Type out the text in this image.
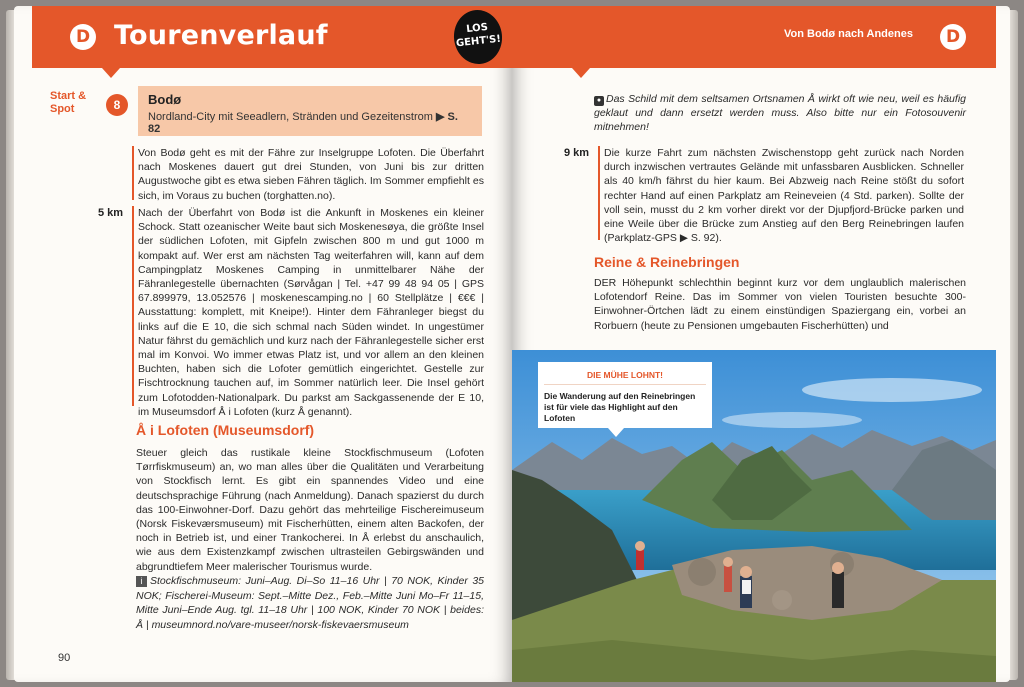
D Tourenverlauf	LOS
GEHT'S!
Start &
Spot	8	Bodø
Nordland-City mit Seeadlern, Stränden und Gezeitenstrom ▶ S. 82
Von Bodø geht es mit der Fähre zur Inselgruppe Lofoten. Die Überfahrt nach Moskenes dauert gut drei Stunden, von Juni bis zur dritten Augustwoche gibt es etwa sieben Fähren täglich. Im Sommer empfiehlt es sich, im Voraus zu buchen (torghatten.no).
5 km Nach der Überfahrt von Bodø ist die Ankunft in Moskenes ein kleiner Schock. Statt ozeanischer Weite baut sich Moskenesøya, die größte Insel der südlichen Lofoten, mit Gipfeln zwischen 800 m und gut 1000 m kompakt auf. Wer erst am nächsten Tag weiterfahren will, kann auf dem Campingplatz Moskenes Camping in unmittelbarer Nähe der Fähranlegestelle übernachten (Sørvågan | Tel. +47 99 48 94 05 | GPS 67.899979, 13.052576 | moskenescamping.no | 60 Stellplätze | €€€ | Ausstattung: komplett, mit Kneipe!). Hinter dem Fähranleger biegst du links auf die E 10, die sich schmal nach Süden windet. In ungestümer Natur fährst du gemächlich und kurz nach der Fähranlegestelle sicher erst mal im Konvoi. Wo immer etwas Platz ist, und vor allem an den kleinen Buchten, haben sich die Lofoter gemütlich eingerichtet. Gestelle zur Fischtrocknung tauchen auf, im Sommer natürlich leer. Die Insel gehört zum Lofotodden-Nationalpark. Du parkst am Sackgassenende der E 10, im Museumsdorf Å i Lofoten (kurz Å genannt).
Å i Lofoten (Museumsdorf)
Steuer gleich das rustikale kleine Stockfischmuseum (Lofoten Tørrfiskmuseum) an, wo man alles über die Qualitäten und Verarbeitung von Stockfisch lernt. Es gibt ein spannendes Video und eine deutschsprachige Führung (nach Anmeldung). Danach spazierst du durch das 100-Einwohner-Dorf. Dazu gehört das mehrteilige Fischereimuseum (Norsk Fiskeværsmuseum) mit Fischerhütten, einem alten Backofen, der noch in Betrieb ist, und einer Trankocherei. In Å erlebst du anschaulich, wie aus dem Existenzkampf zwischen ultrasteilen Gebirgswänden und abgrundtiefem Meer malerischer Tourismus wurde.
i Stockfischmuseum: Juni–Aug. Di–So 11–16 Uhr | 70 NOK, Kinder 35 NOK; Fischerei-Museum: Sept.–Mitte Dez., Feb.–Mitte Juni Mo–Fr 11–15, Mitte Juni–Ende Aug. tgl. 11–18 Uhr | 100 NOK, Kinder 70 NOK | beides: Å | museumnord.no/vare-museer/norsk-fiskevaersmuseum
90
Von Bodø nach Andenes	D
● Das Schild mit dem seltsamen Ortsnamen Å wirkt oft wie neu, weil es häufig geklaut und dann ersetzt werden muss. Also bitte nur ein Fotosouvenir mitnehmen!
9 km Die kurze Fahrt zum nächsten Zwischenstopp geht zurück nach Norden durch inzwischen vertrautes Gelände mit unfassbaren Ausblicken. Schneller als 40 km/h fährst du hier kaum. Bei Abzweig nach Reine stößt du sofort rechter Hand auf einen Parkplatz am Reineveien (4 Std. parken). Sollte der voll sein, musst du 2 km vorher direkt vor der Djupfjord-Brücke parken und eine Weile über die Brücke zum Anstieg auf den Berg Reinebringen laufen (Parkplatz-GPS ▶ S. 92).
Reine & Reinebringen
DER Höhepunkt schlechthin beginnt kurz vor dem unglaublich malerischen Lofotendorf Reine. Das im Sommer von vielen Touristen besuchte 300-Einwohner-Örtchen lädt zu einem einstündigen Spaziergang ein, vorbei an Rorbuern (heute zu Pensionen umgebauten Fischerhütten) und
DIE MÜHE LOHNT!
Die Wanderung auf den Reinebringen ist für viele das Highlight auf den Lofoten
